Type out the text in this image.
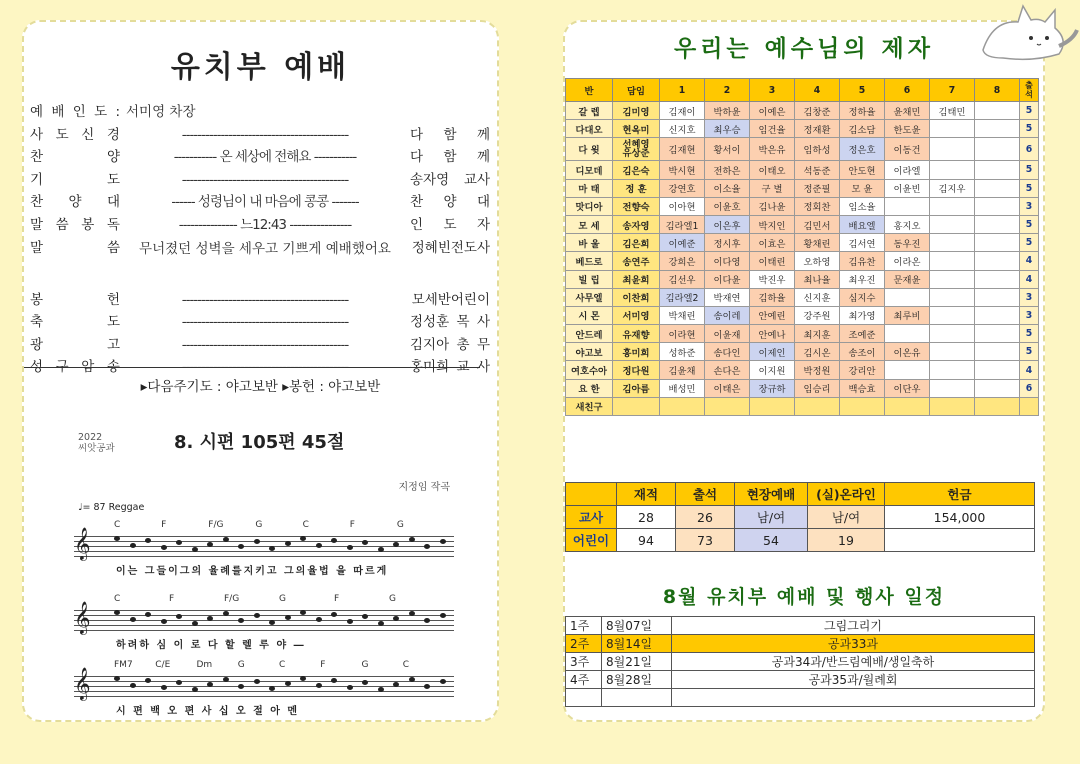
유치부 예배
예 배 인 도 : 서미영 차장
사 도 신 경	-------------------------------------------	다 함 께
찬	양	----------- 온 세상에 전해요 -----------	다 함 께
기	도	-------------------------------------------	송자영 교사
찬 양 대	------ 성령님이 내 마음에 콩콩 -------	찬 양 대
말 씀 봉 독	--------------- 느12:43 ----------------	인 도 자
말	씀	무너졌던 성벽을 세우고 기쁘게 예배했어요	정혜빈전도사
봉	헌	-------------------------------------------	모세반어린이
축	도	-------------------------------------------	정성훈 목 사
광	고	-------------------------------------------	김지아 총 무
성 구 암 송	-------------------------------------------	홍미희 교 사
▸다음주기도 : 야고보반 ▸봉헌 : 야고보반
2022
씨앗공과	8. 시편 105편 45절
지정임 작곡
♩= 87 Reggae
𝄞
C	F	F/G	G	C	F	G
이는 그들이그의 율례를지키고 그의율법 을 따르게
𝄞
C	F	F/G	G	F	G
하려하 심 이 로 다 할 렐 루 야 ―
𝄞
FM7	C/E	Dm	G	C	F	G	C
시 편 백 오 편 사 십 오 절 아 멘
우리는 예수님의 제자
반	담임	1	2	3	4	5	6	7	8	출
석

갈 렙	김미영	김재이	박하윤	이예은	김창준	정하율	윤채민	김태민		5
다대오	현옥미	신지호	최우승	임건율	정재환	김소담	한도윤			5
다 윗	선혜영
유상준	김재현	황서이	박은유	임하성	정은호	이동건			6
디모데	김은숙	박시현	전하은	이태오	석동준	안도현	이라엘			5
마 태	정 훈	강연호	이소율	구 별	정준필	모 윤	이윤빈	김지우		5
맛디아	전향숙	이아현	이윤호	김나윤	정회찬	임소율				3
모 세	송자영	김라엘1	이은후	박지인	김민서	배요엘	홍지오			5
바 울	김은희	이예준	정시후	이효은	황채린	김서연	동우진			5
베드로	송연주	강희은	이다영	이태린	오하영	김유찬	이라온			4
빌 립	최윤희	김선우	이다윤	박진우	최나율	최우진	문재윤			4
사무엘	이찬희	김라엘2	박재연	김하율	신지훈	심지수				3
시 몬	서미영	박채린	송이레	안예린	강주원	최가영	최루비			3
안드레	유재향	이라현	이윤재	안예나	최지훈	조예준				5
야고보	홍미희	성하준	송다인	이제인	김시온	송조이	이온유			5
여호수아	정다원	김윤채	손다은	이지원	박정원	강리안				4
요 한	김아름	배성민	이태은	장규하	임승리	백승효	이단우			6
새친구										
	재적	출석	현장예배	(실)온라인	헌금
교사	28	26	남/여	남/여	154,000
어린이	94	73	54	19	
8월 유치부 예배 및 행사 일정
1주	8월07일	그림그리기
2주	8월14일	공과33과
3주	8월21일	공과34과/반드림예배/생일축하
4주	8월28일	공과35과/월례회
